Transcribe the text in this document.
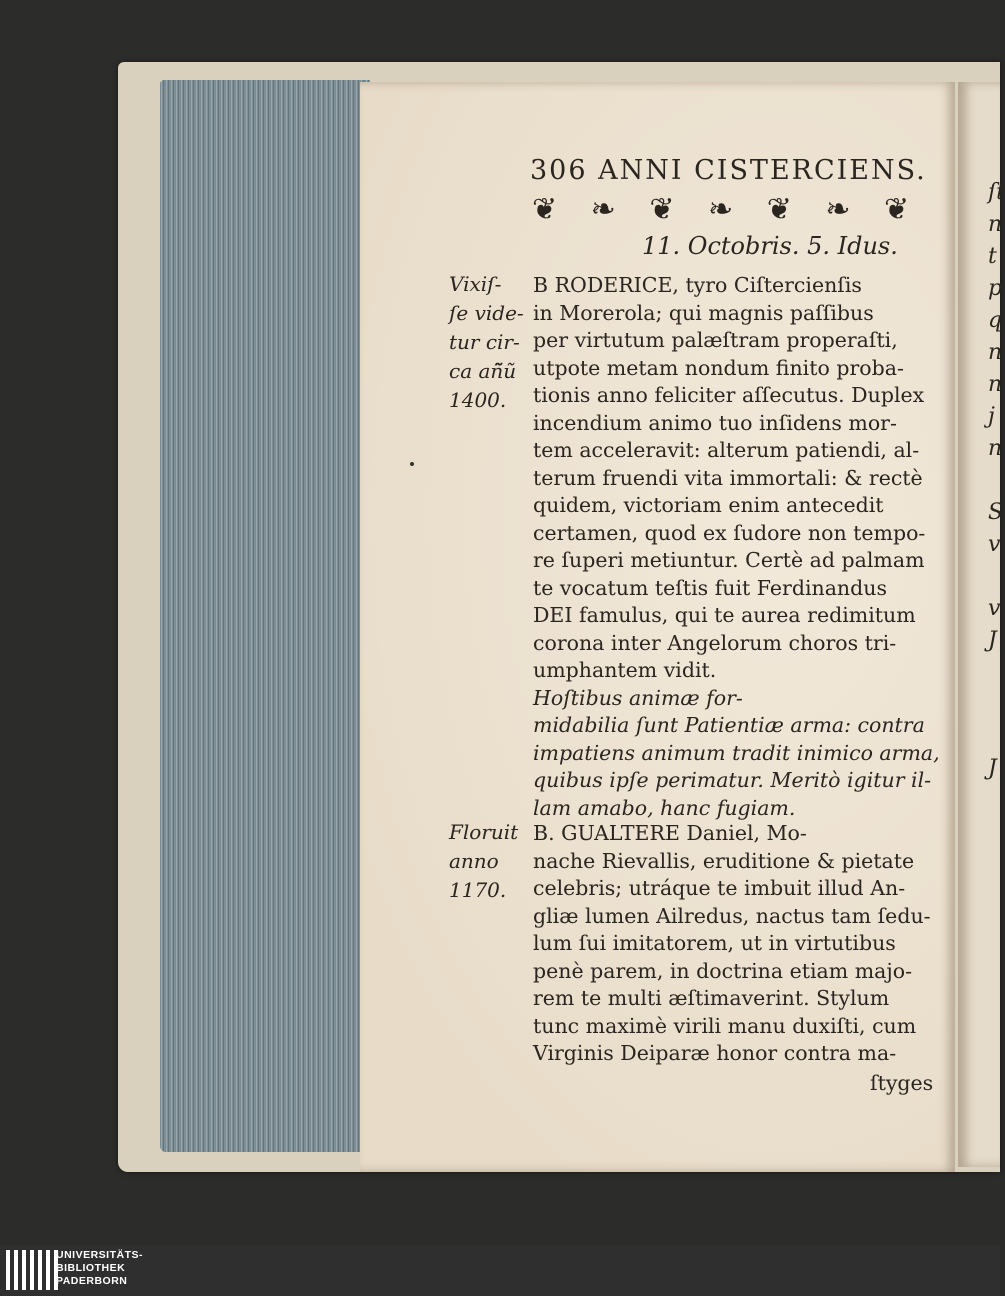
ſt
n
t
p
q
n
n
j
n

S
v

v
J

J
306 ANNI CISTERCIENS.
❦ ❧ ❦ ❧ ❦ ❧ ❦
11. Octobris. 5. Idus.
Vixiſ-
ſe vide-
tur cir-
ca añ̃ũ
1400.
B RODERICE, tyro Ciſtercienſis
in Morerola; qui magnis paſſibus
per virtutum palæſtram properaſti,
utpote metam nondum finito proba-
tionis anno feliciter aſſecutus. Duplex
incendium animo tuo inſidens mor-
tem acceleravit: alterum patiendi, al-
terum fruendi vita immortali: & rectè
quidem, victoriam enim antecedit
certamen, quod ex ſudore non tempo-
re ſuperi metiuntur. Certè ad palmam
te vocatum teſtis fuit Ferdinandus
DEI famulus, qui te aurea redimitum
corona inter Angelorum choros tri-
umphantem vidit.
Hoſtibus animæ for-
midabilia ſunt Patientiæ arma: contra
impatiens animum tradit inimico arma,
quibus ipſe perimatur. Meritò igitur il-
lam amabo, hanc fugiam.
Floruit
anno
1170.
B. GUALTERE Daniel, Mo-
nache Rievallis, eruditione & pietate
celebris; utráque te imbuit illud An-
gliæ lumen Ailredus, nactus tam ſedu-
lum ſui imitatorem, ut in virtutibus
penè parem, in doctrina etiam majo-
rem te multi æſtimaverint. Stylum
tunc maximè virili manu duxiſti, cum
Virginis Deiparæ honor contra ma-
ſtyges
UNIVERSITÄTS-
BIBLIOTHEK
PADERBORN
